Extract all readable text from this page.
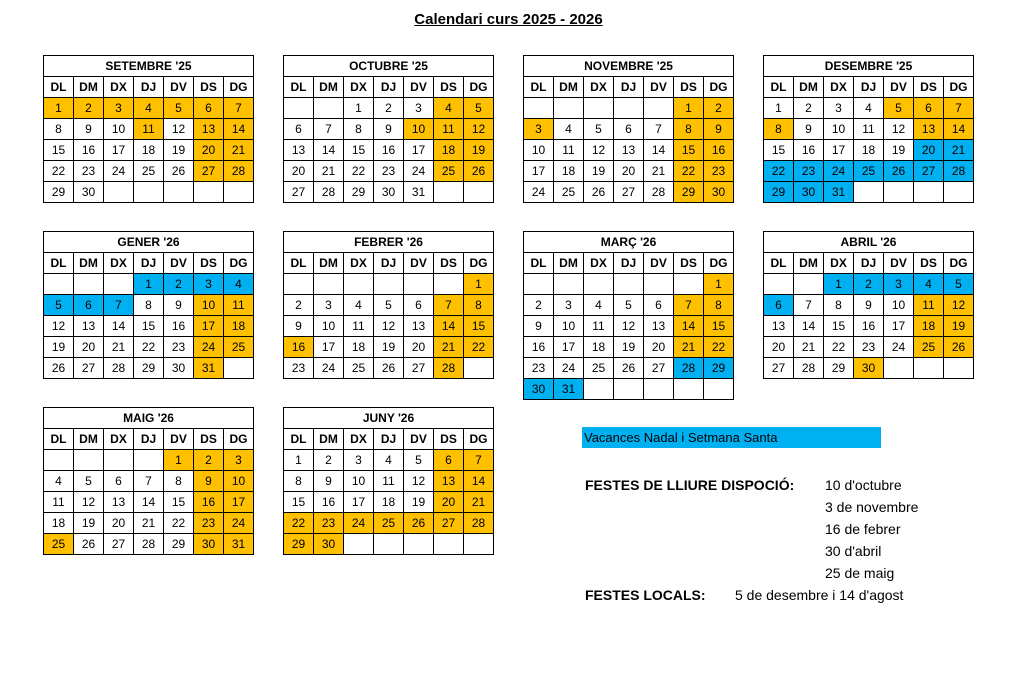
Calendari curs 2025 - 2026
SETEMBRE '25						
DL	DM	DX	DJ	DV	DS	DG
1	2	3	4	5	6	7
8	9	10	11	12	13	14
15	16	17	18	19	20	21
22	23	24	25	26	27	28
29	30					
OCTUBRE '25						
DL	DM	DX	DJ	DV	DS	DG
		1	2	3	4	5
6	7	8	9	10	11	12
13	14	15	16	17	18	19
20	21	22	23	24	25	26
27	28	29	30	31		
NOVEMBRE '25						
DL	DM	DX	DJ	DV	DS	DG
					1	2
3	4	5	6	7	8	9
10	11	12	13	14	15	16
17	18	19	20	21	22	23
24	25	26	27	28	29	30
DESEMBRE '25						
DL	DM	DX	DJ	DV	DS	DG
1	2	3	4	5	6	7
8	9	10	11	12	13	14
15	16	17	18	19	20	21
22	23	24	25	26	27	28
29	30	31				
GENER '26						
DL	DM	DX	DJ	DV	DS	DG
			1	2	3	4
5	6	7	8	9	10	11
12	13	14	15	16	17	18
19	20	21	22	23	24	25
26	27	28	29	30	31	
FEBRER '26						
DL	DM	DX	DJ	DV	DS	DG
						1
2	3	4	5	6	7	8
9	10	11	12	13	14	15
16	17	18	19	20	21	22
23	24	25	26	27	28	
MARÇ '26						
DL	DM	DX	DJ	DV	DS	DG
						1
2	3	4	5	6	7	8
9	10	11	12	13	14	15
16	17	18	19	20	21	22
23	24	25	26	27	28	29
30	31					
ABRIL '26						
DL	DM	DX	DJ	DV	DS	DG
		1	2	3	4	5
6	7	8	9	10	11	12
13	14	15	16	17	18	19
20	21	22	23	24	25	26
27	28	29	30			
MAIG '26						
DL	DM	DX	DJ	DV	DS	DG
				1	2	3
4	5	6	7	8	9	10
11	12	13	14	15	16	17
18	19	20	21	22	23	24
25	26	27	28	29	30	31
JUNY '26						
DL	DM	DX	DJ	DV	DS	DG
1	2	3	4	5	6	7
8	9	10	11	12	13	14
15	16	17	18	19	20	21
22	23	24	25	26	27	28
29	30					
Vacances Nadal i Setmana Santa
FESTES DE LLIURE DISPOCIÓ: 10 d'octubre
3 de novembre
16 de febrer
30 d'abril
25 de maig
FESTES LOCALS: 5 de desembre i 14 d'agost
